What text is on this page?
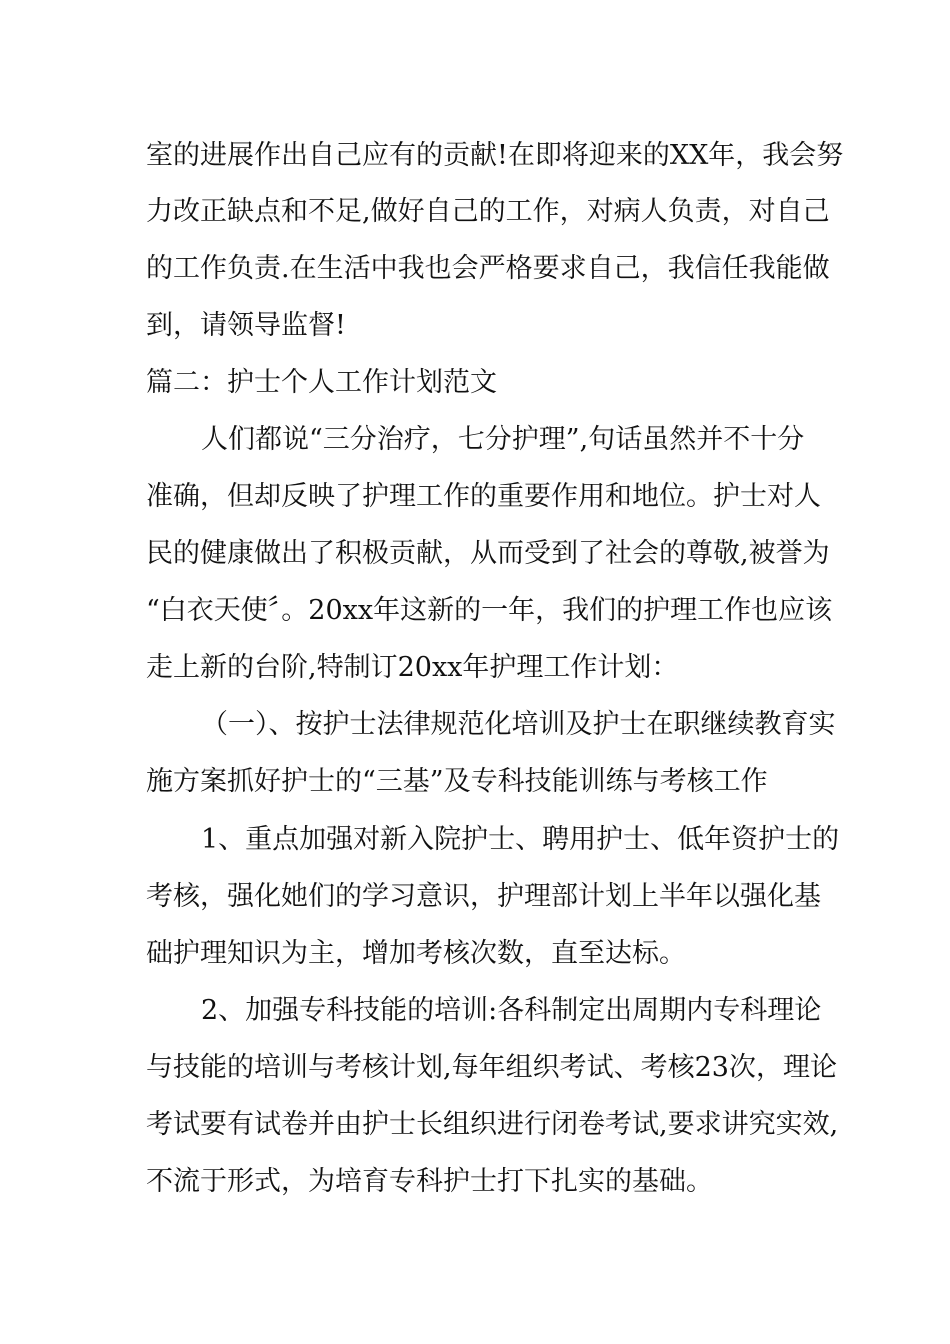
室的进展作出自己应有的贡献!在即将迎来的XX年，我会努
力改正缺点和不足,做好自己的工作，对病人负责，对自己
的工作负责.在生活中我也会严格要求自己，我信任我能做
到，请领导监督!
篇二：护士个人工作计划范文
人们都说“三分治疗，七分护理”,句话虽然并不十分
准确，但却反映了护理工作的重要作用和地位。护士对人
民的健康做出了积极贡献，从而受到了社会的尊敬,被誉为
“白衣天使〞。20xx年这新的一年，我们的护理工作也应该
走上新的台阶,特制订20xx年护理工作计划：
（一）、按护士法律规范化培训及护士在职继续教育实
施方案抓好护士的“三基”及专科技能训练与考核工作
1、重点加强对新入院护士、聘用护士、低年资护士的
考核，强化她们的学习意识，护理部计划上半年以强化基
础护理知识为主，增加考核次数，直至达标。
2、加强专科技能的培训:各科制定出周期内专科理论
与技能的培训与考核计划,每年组织考试、考核23次，理论
考试要有试卷并由护士长组织进行闭卷考试,要求讲究实效,
不流于形式，为培育专科护士打下扎实的基础。
